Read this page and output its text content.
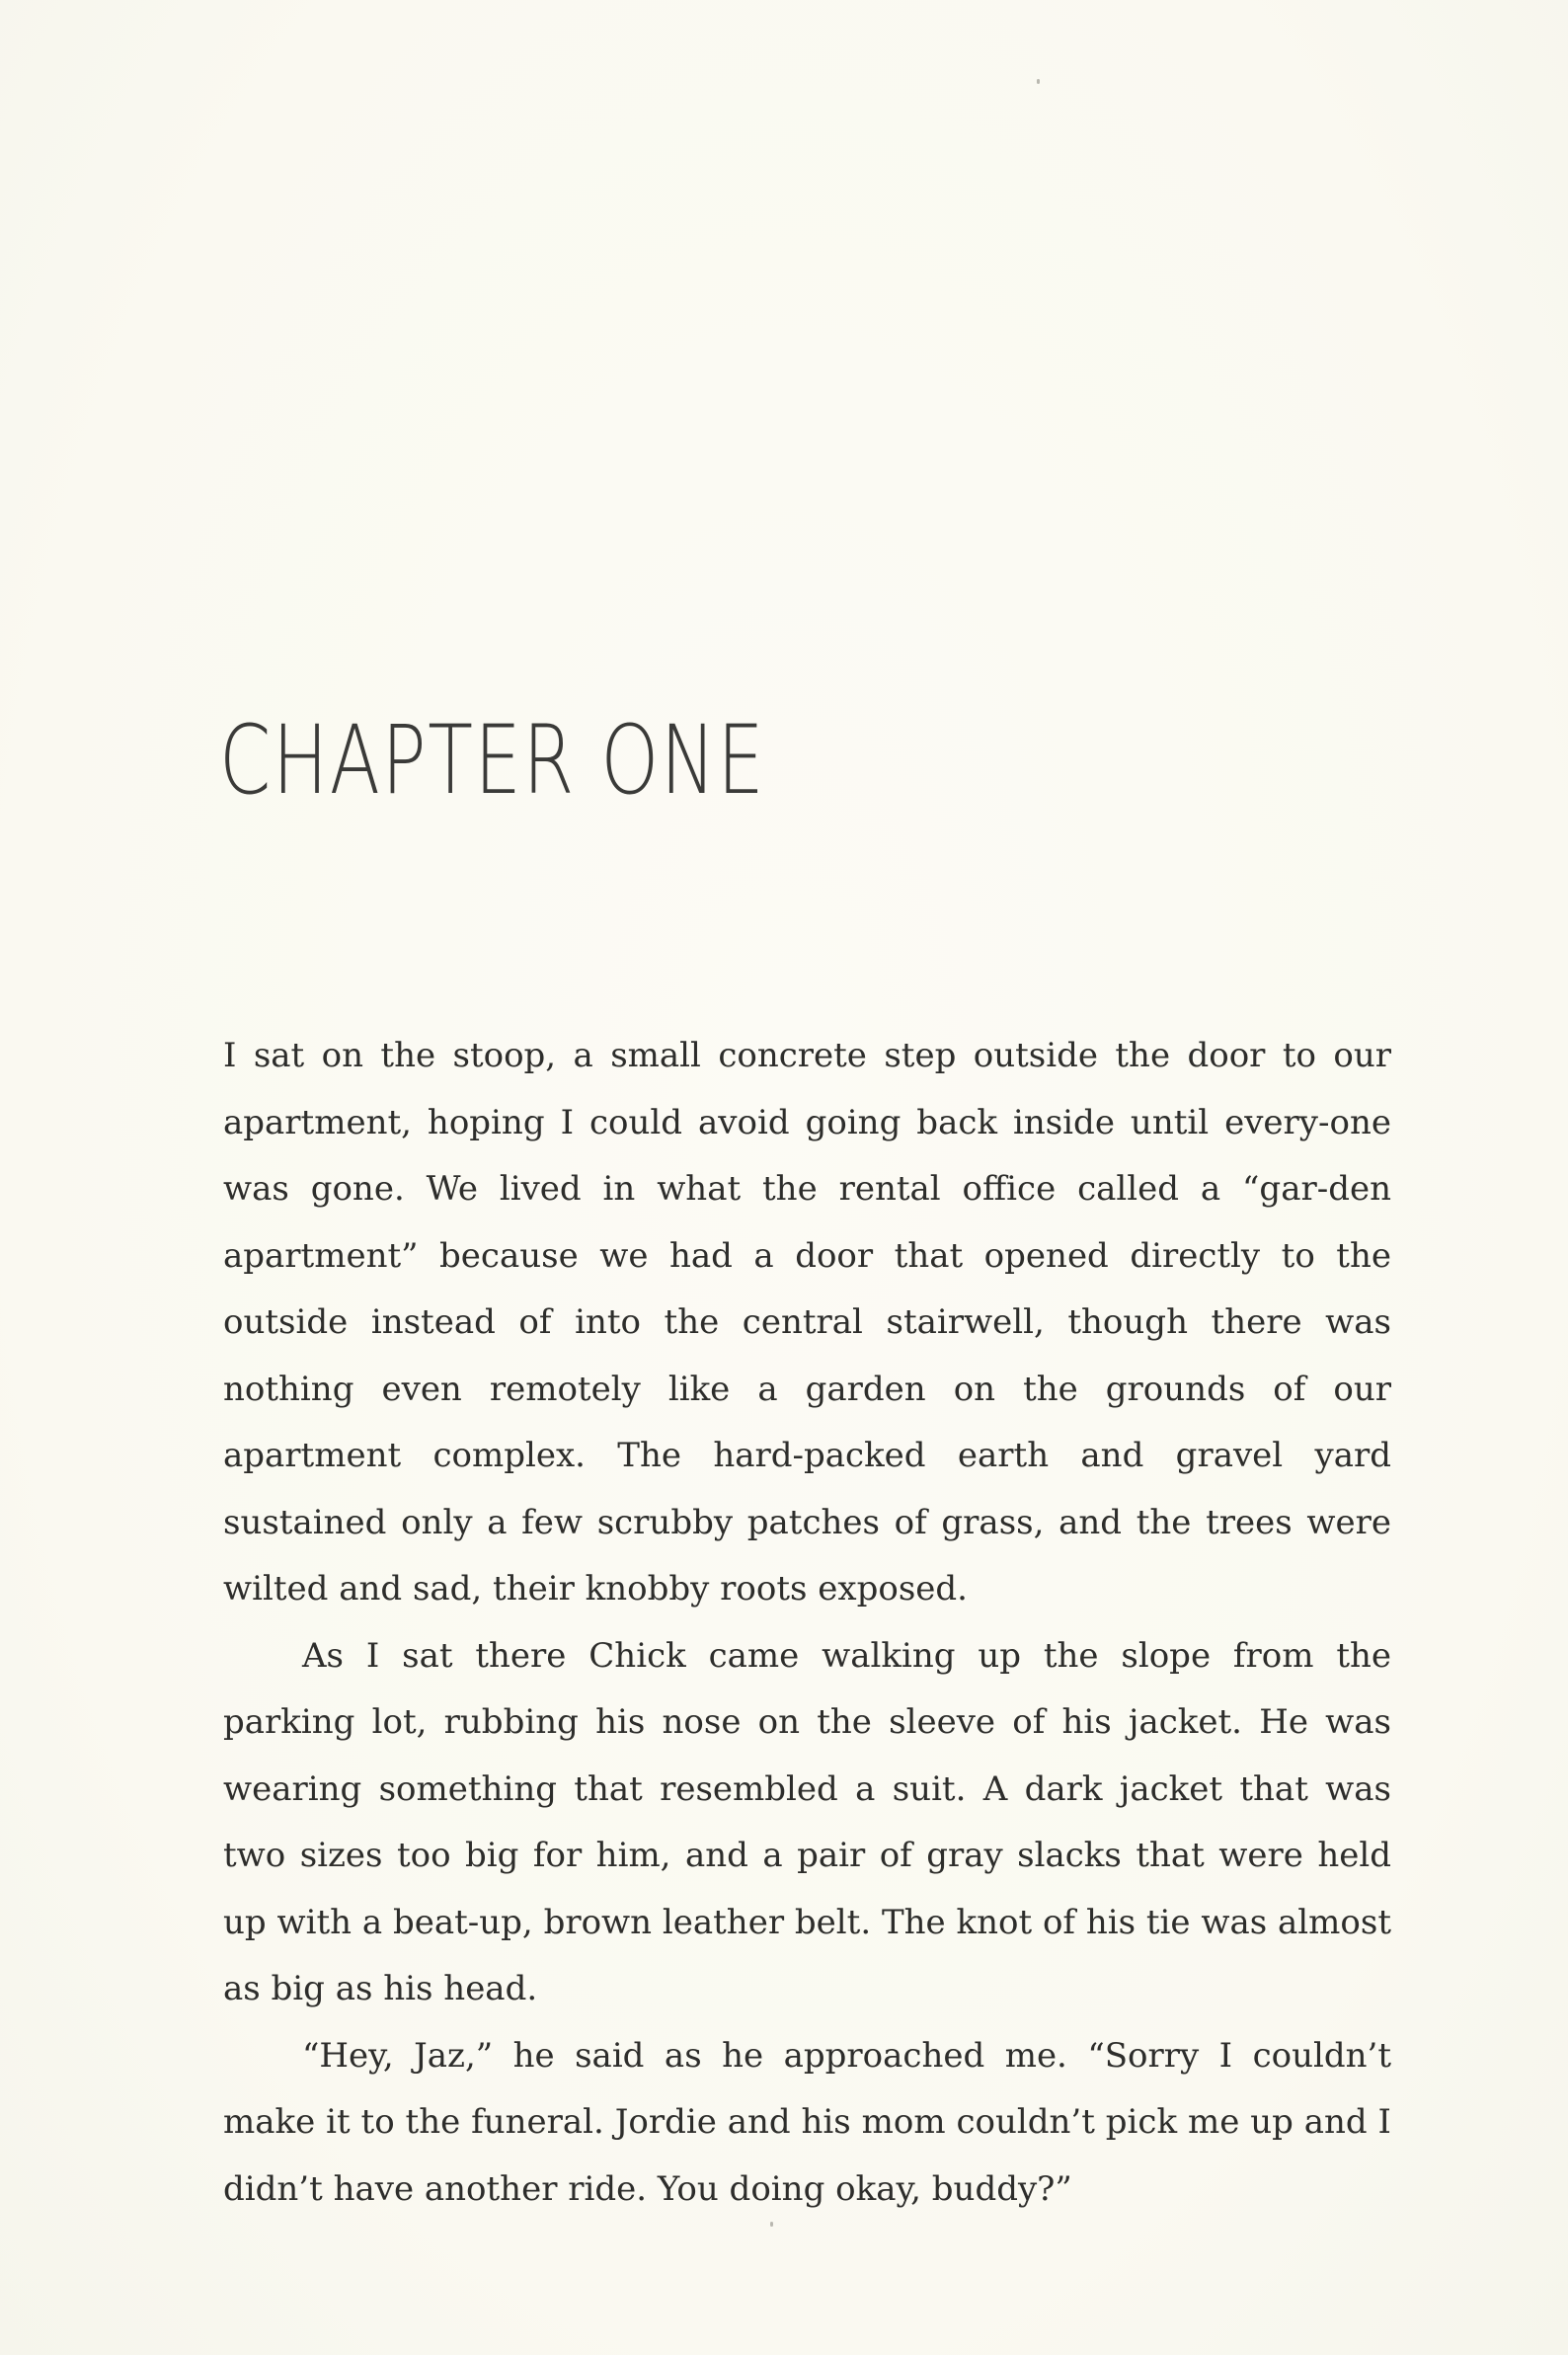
CHAPTER ONE

I sat on the stoop, a small concrete step outside the door to our apartment, hoping I could avoid going back inside until every-one was gone. We lived in what the rental office called a “gar-den apartment” because we had a door that opened directly to the outside instead of into the central stairwell, though there was nothing even remotely like a garden on the grounds of our apartment complex. The hard-packed earth and gravel yard sustained only a few scrubby patches of grass, and the trees were wilted and sad, their knobby roots exposed.

As I sat there Chick came walking up the slope from the parking lot, rubbing his nose on the sleeve of his jacket. He was wearing something that resembled a suit. A dark jacket that was two sizes too big for him, and a pair of gray slacks that were held up with a beat-up, brown leather belt. The knot of his tie was almost as big as his head.

“Hey, Jaz,” he said as he approached me. “Sorry I couldn’t make it to the funeral. Jordie and his mom couldn’t pick me up and I didn’t have another ride. You doing okay, buddy?”
